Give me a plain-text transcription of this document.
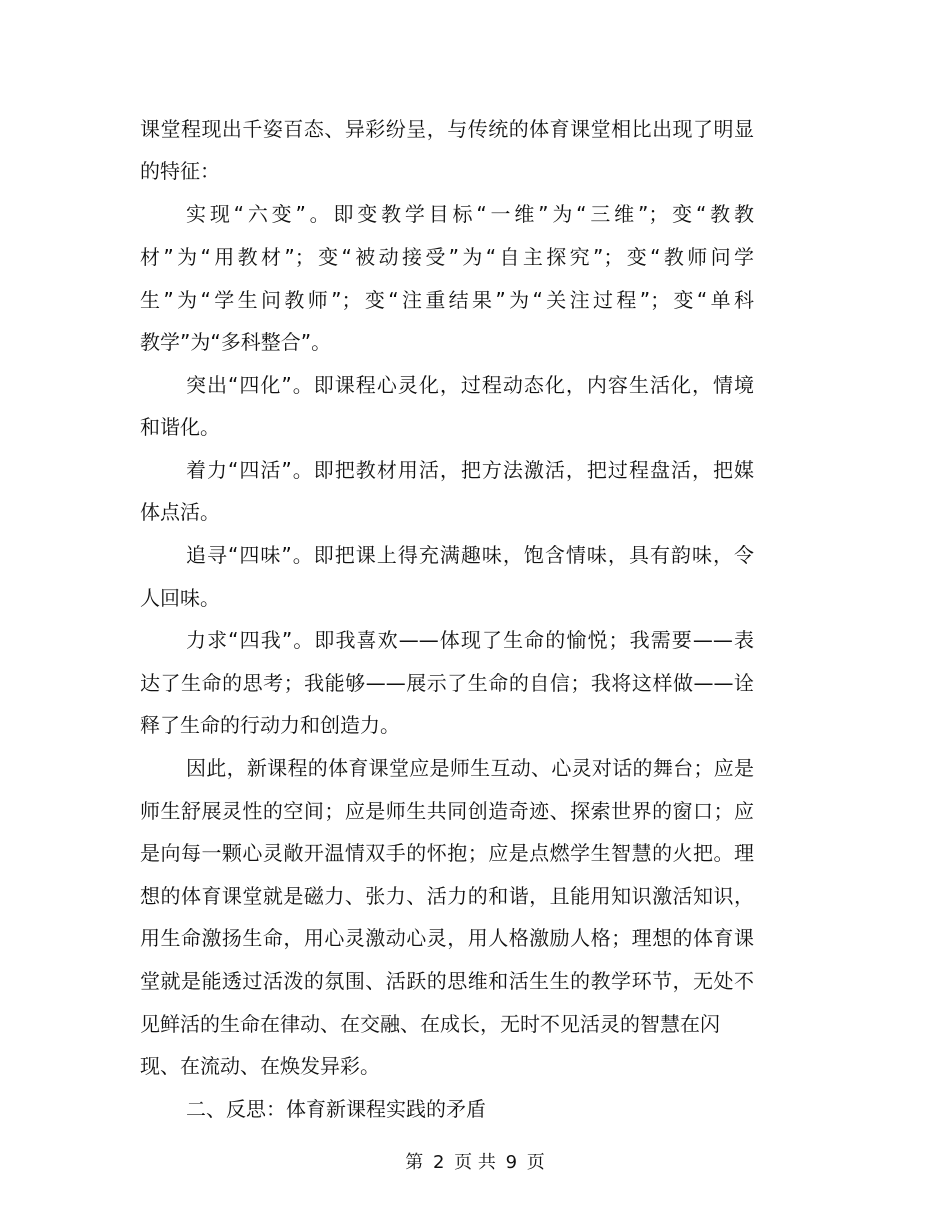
课堂程现出千姿百态、异彩纷呈，与传统的体育课堂相比出现了明显
的特征：
实现“六变”。即变教学目标“一维”为“三维”；变“教教
材”为“用教材”；变“被动接受”为“自主探究”；变“教师问学
生”为“学生问教师”；变“注重结果”为“关注过程”；变“单科
教学”为“多科整合”。
突出“四化”。即课程心灵化，过程动态化，内容生活化，情境
和谐化。
着力“四活”。即把教材用活，把方法激活，把过程盘活，把媒
体点活。
追寻“四味”。即把课上得充满趣味，饱含情味，具有韵味，令
人回味。
力求“四我”。即我喜欢——体现了生命的愉悦；我需要——表
达了生命的思考；我能够——展示了生命的自信；我将这样做——诠
释了生命的行动力和创造力。
因此，新课程的体育课堂应是师生互动、心灵对话的舞台；应是
师生舒展灵性的空间；应是师生共同创造奇迹、探索世界的窗口；应
是向每一颗心灵敞开温情双手的怀抱；应是点燃学生智慧的火把。理
想的体育课堂就是磁力、张力、活力的和谐，且能用知识激活知识，
用生命激扬生命，用心灵激动心灵，用人格激励人格；理想的体育课
堂就是能透过活泼的氛围、活跃的思维和活生生的教学环节，无处不
见鲜活的生命在律动、在交融、在成长，无时不见活灵的智慧在闪
现、在流动、在焕发异彩。
二、反思：体育新课程实践的矛盾
第 2 页 共 9 页
